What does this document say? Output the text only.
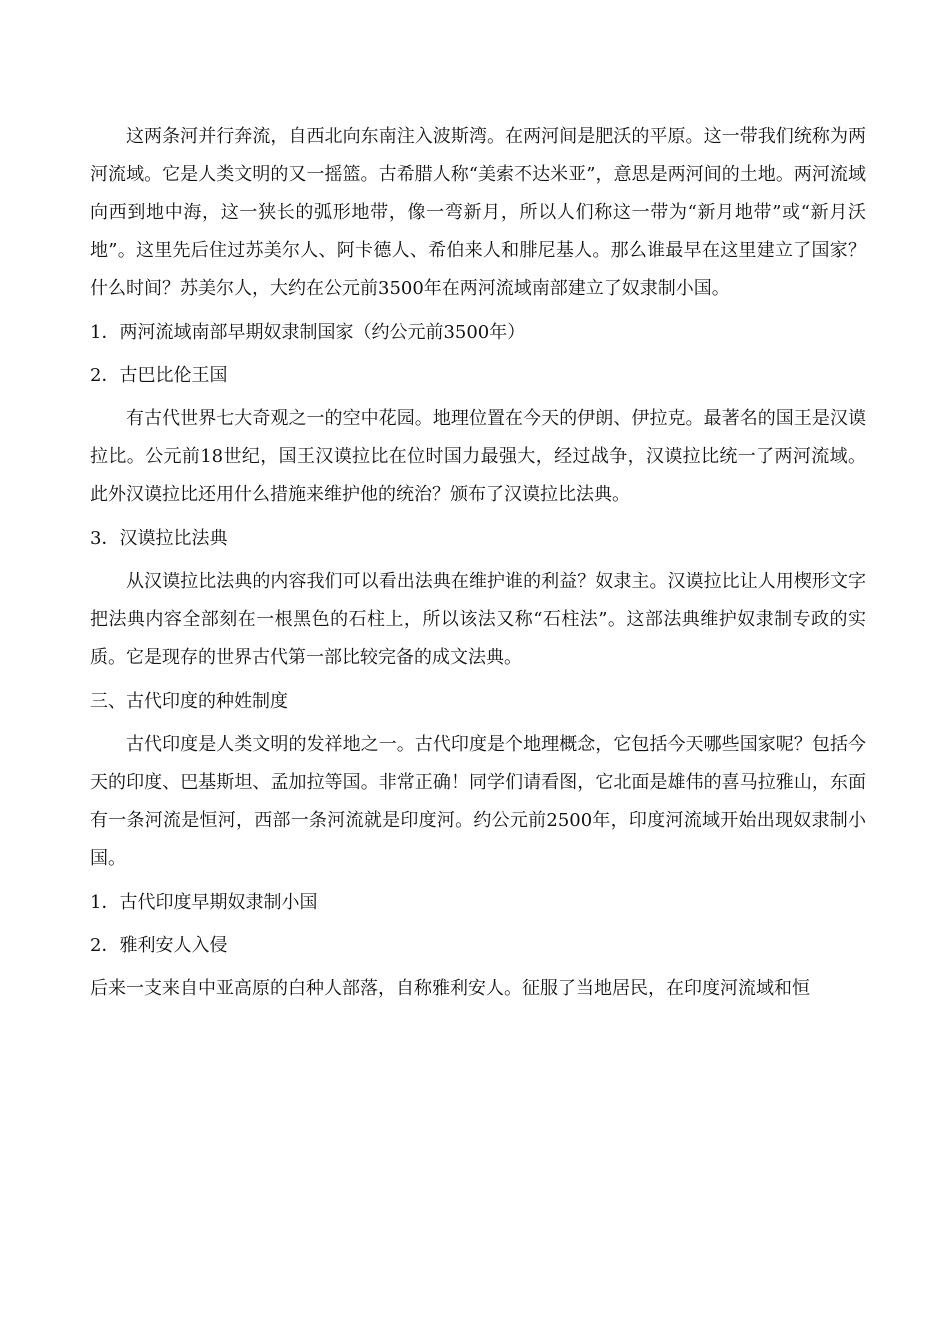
这两条河并行奔流，自西北向东南注入波斯湾。在两河间是肥沃的平原。这一带我们统称为两河流域。它是人类文明的又一摇篮。古希腊人称“美索不达米亚”，意思是两河间的土地。两河流域向西到地中海，这一狭长的弧形地带，像一弯新月，所以人们称这一带为“新月地带”或“新月沃地”。这里先后住过苏美尔人、阿卡德人、希伯来人和腓尼基人。那么谁最早在这里建立了国家？什么时间？苏美尔人，大约在公元前3500年在两河流域南部建立了奴隶制小国。

1．两河流域南部早期奴隶制国家（约公元前3500年）

2．古巴比伦王国

有古代世界七大奇观之一的空中花园。地理位置在今天的伊朗、伊拉克。最著名的国王是汉谟拉比。公元前18世纪，国王汉谟拉比在位时国力最强大，经过战争，汉谟拉比统一了两河流域。此外汉谟拉比还用什么措施来维护他的统治？颁布了汉谟拉比法典。

3．汉谟拉比法典

从汉谟拉比法典的内容我们可以看出法典在维护谁的利益？奴隶主。汉谟拉比让人用楔形文字把法典内容全部刻在一根黑色的石柱上，所以该法又称“石柱法”。这部法典维护奴隶制专政的实质。它是现存的世界古代第一部比较完备的成文法典。

三、古代印度的种姓制度

古代印度是人类文明的发祥地之一。古代印度是个地理概念，它包括今天哪些国家呢？包括今天的印度、巴基斯坦、孟加拉等国。非常正确！同学们请看图，它北面是雄伟的喜马拉雅山，东面有一条河流是恒河，西部一条河流就是印度河。约公元前2500年，印度河流域开始出现奴隶制小国。

1．古代印度早期奴隶制小国

2．雅利安人入侵

后来一支来自中亚高原的白种人部落，自称雅利安人。征服了当地居民，在印度河流域和恒
